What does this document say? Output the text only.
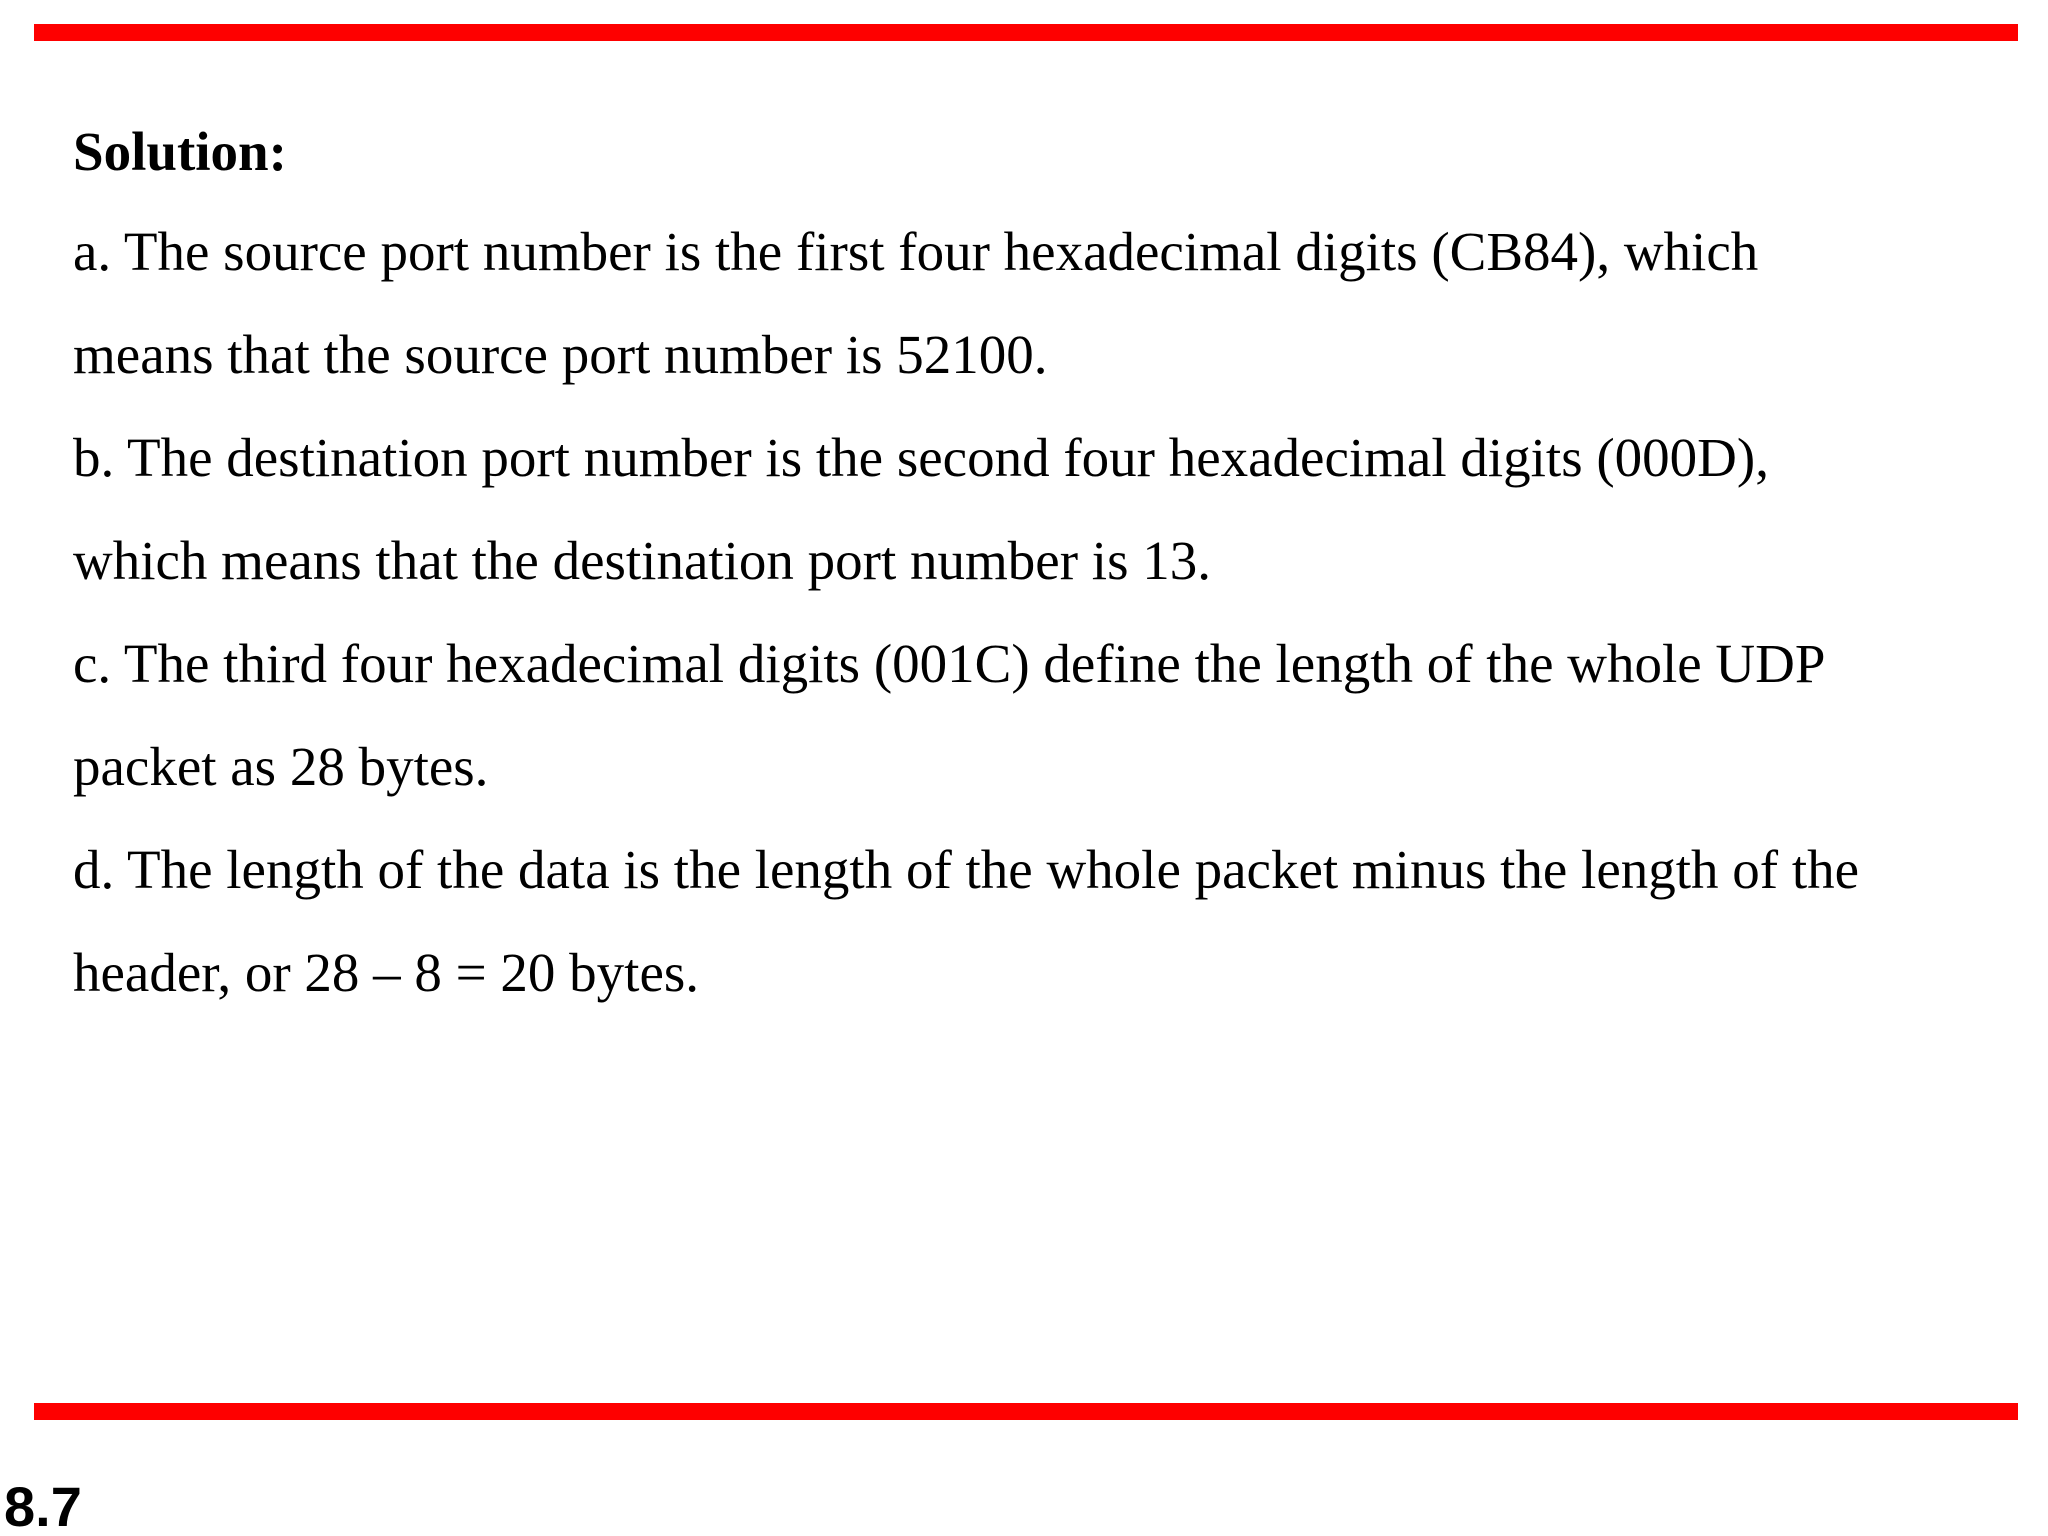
Solution:

a. The source port number is the first four hexadecimal digits (CB84), which
means that the source port number is 52100.

b. The destination port number is the second four hexadecimal digits (000D),
which means that the destination port number is 13.

c. The third four hexadecimal digits (001C) define the length of the whole UDP
packet as 28 bytes.

d. The length of the data is the length of the whole packet minus the length of the
header, or 28 – 8 = 20 bytes.

8.7
